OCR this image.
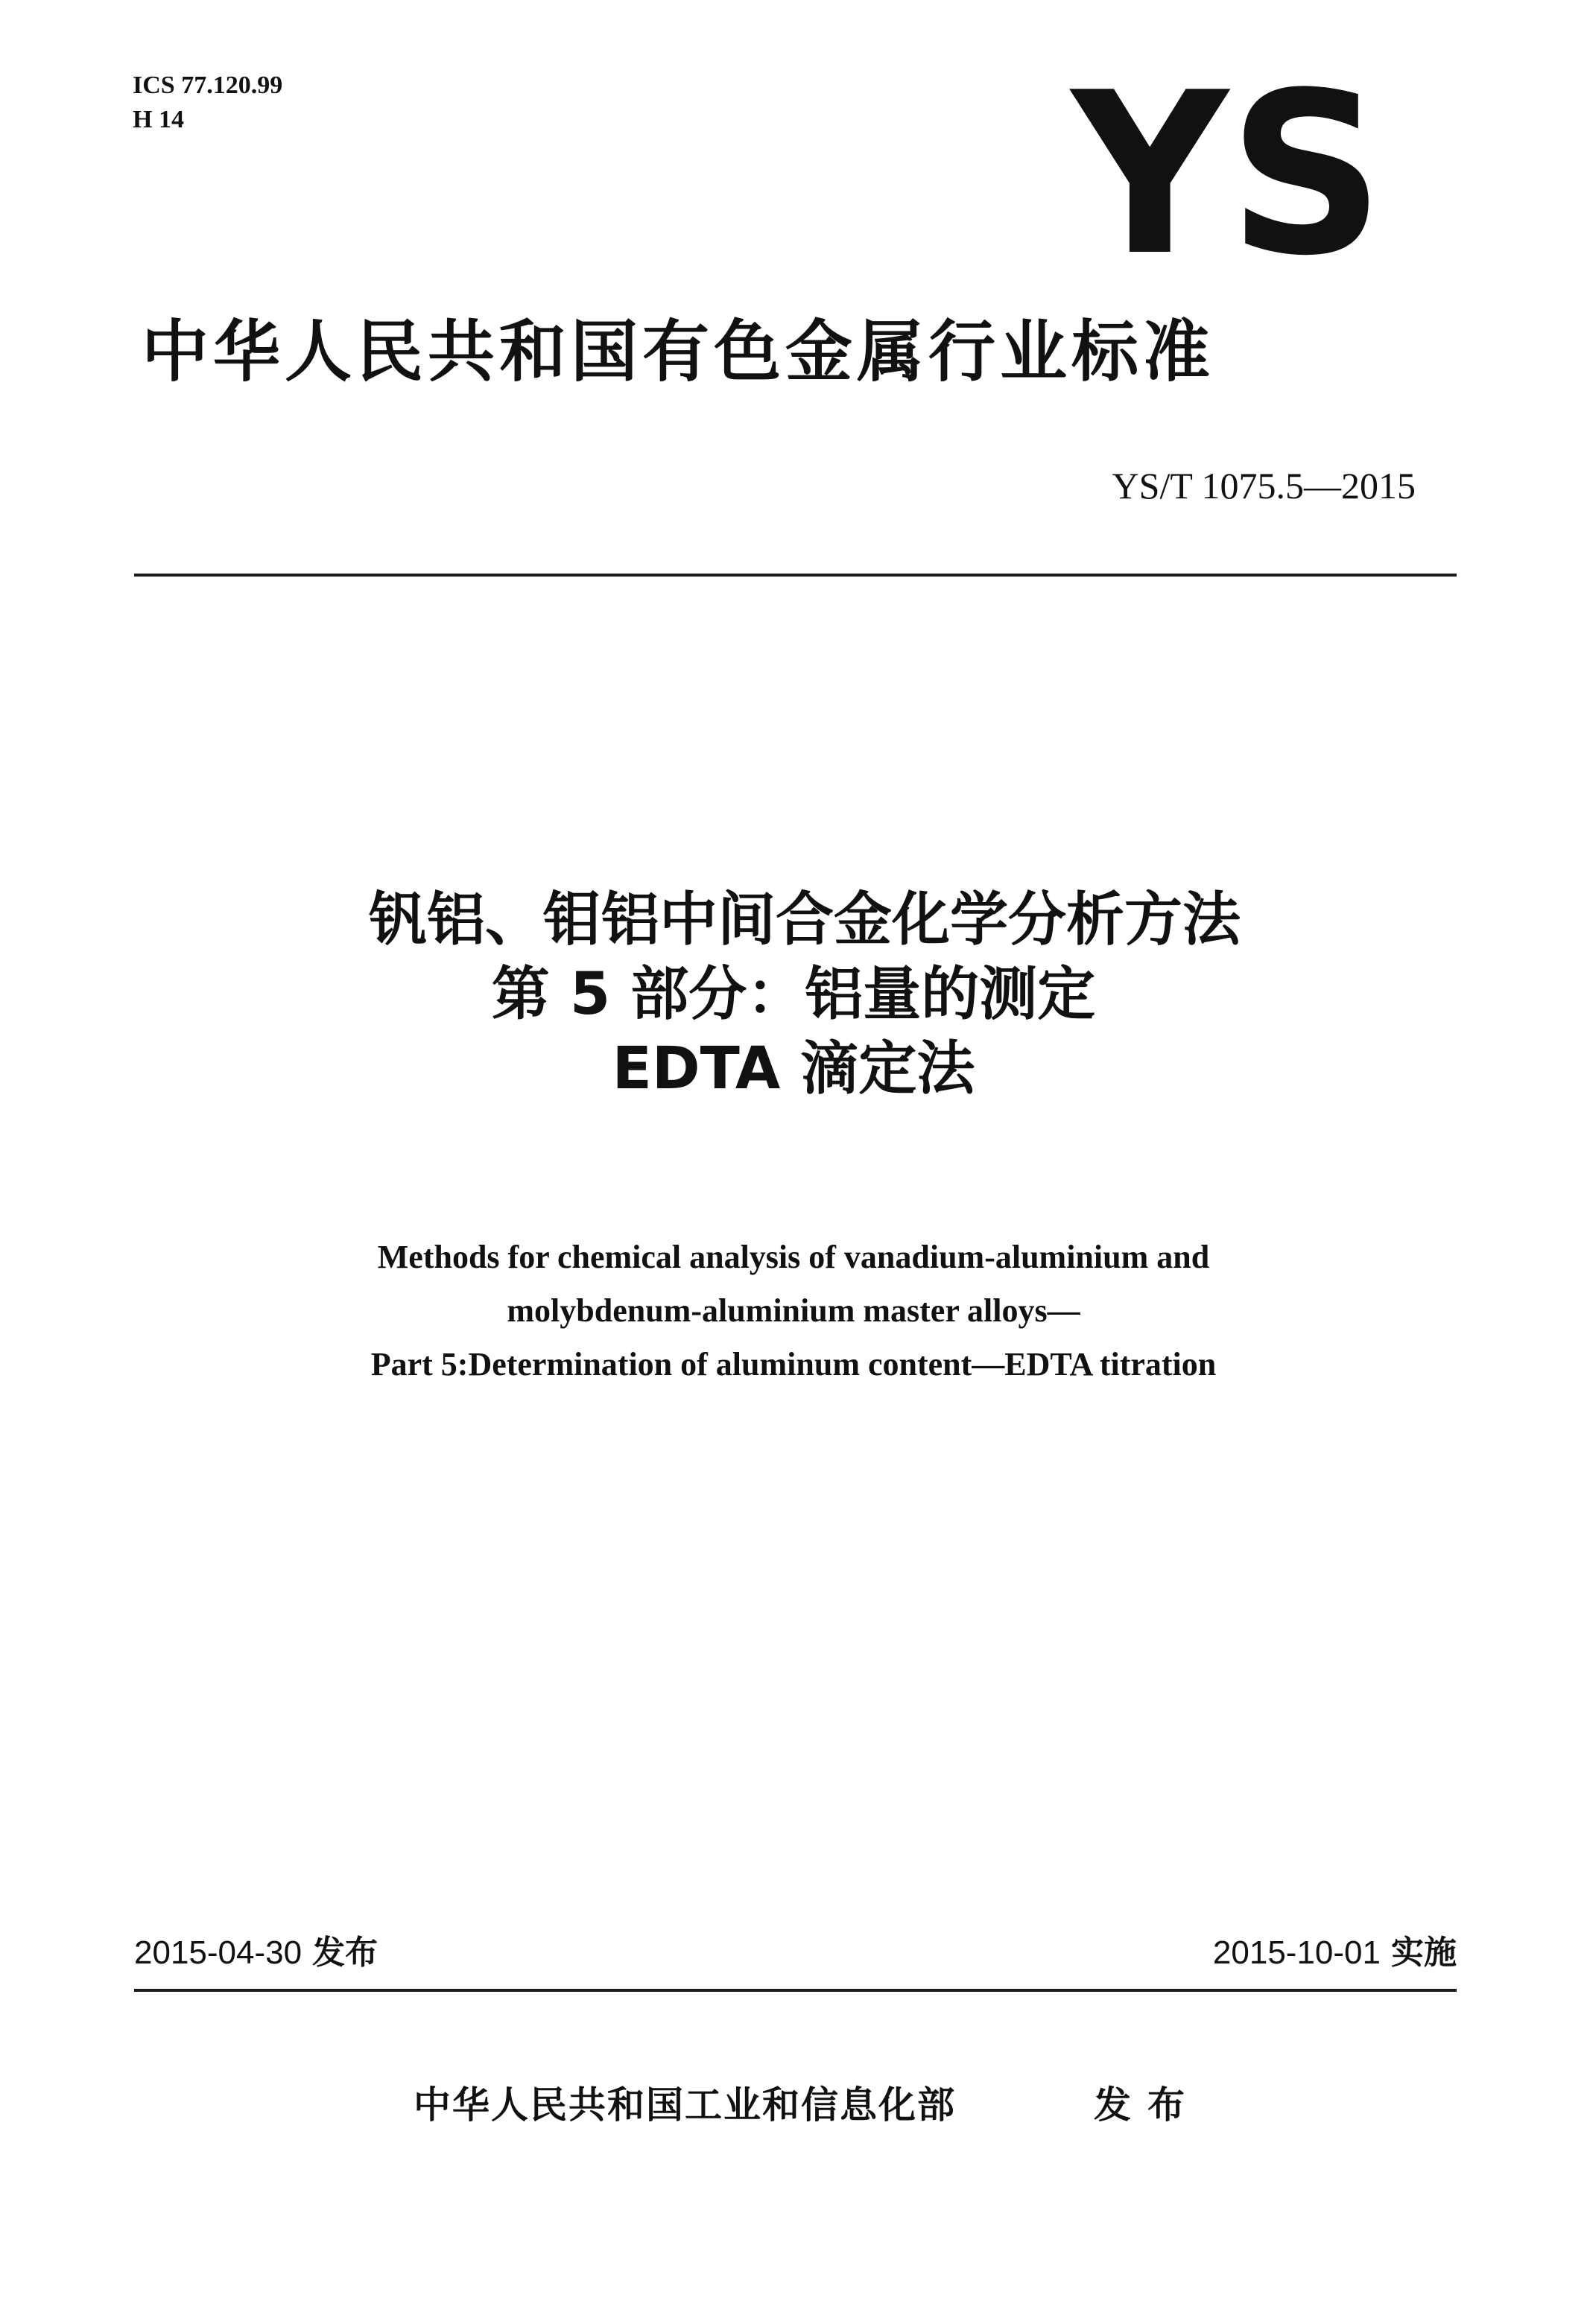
ICS 77.120.99
H 14	YS
中华人民共和国有色金属行业标准
YS/T 1075.5—2015
钒铝、钼铝中间合金化学分析方法
第 5 部分：铝量的测定
EDTA 滴定法
Methods for chemical analysis of vanadium-aluminium and
molybdenum-aluminium master alloys—
Part 5:Determination of aluminum content—EDTA titration
2015-04-30 发布	2015-10-01 实施
中华人民共和国工业和信息化部	发布
